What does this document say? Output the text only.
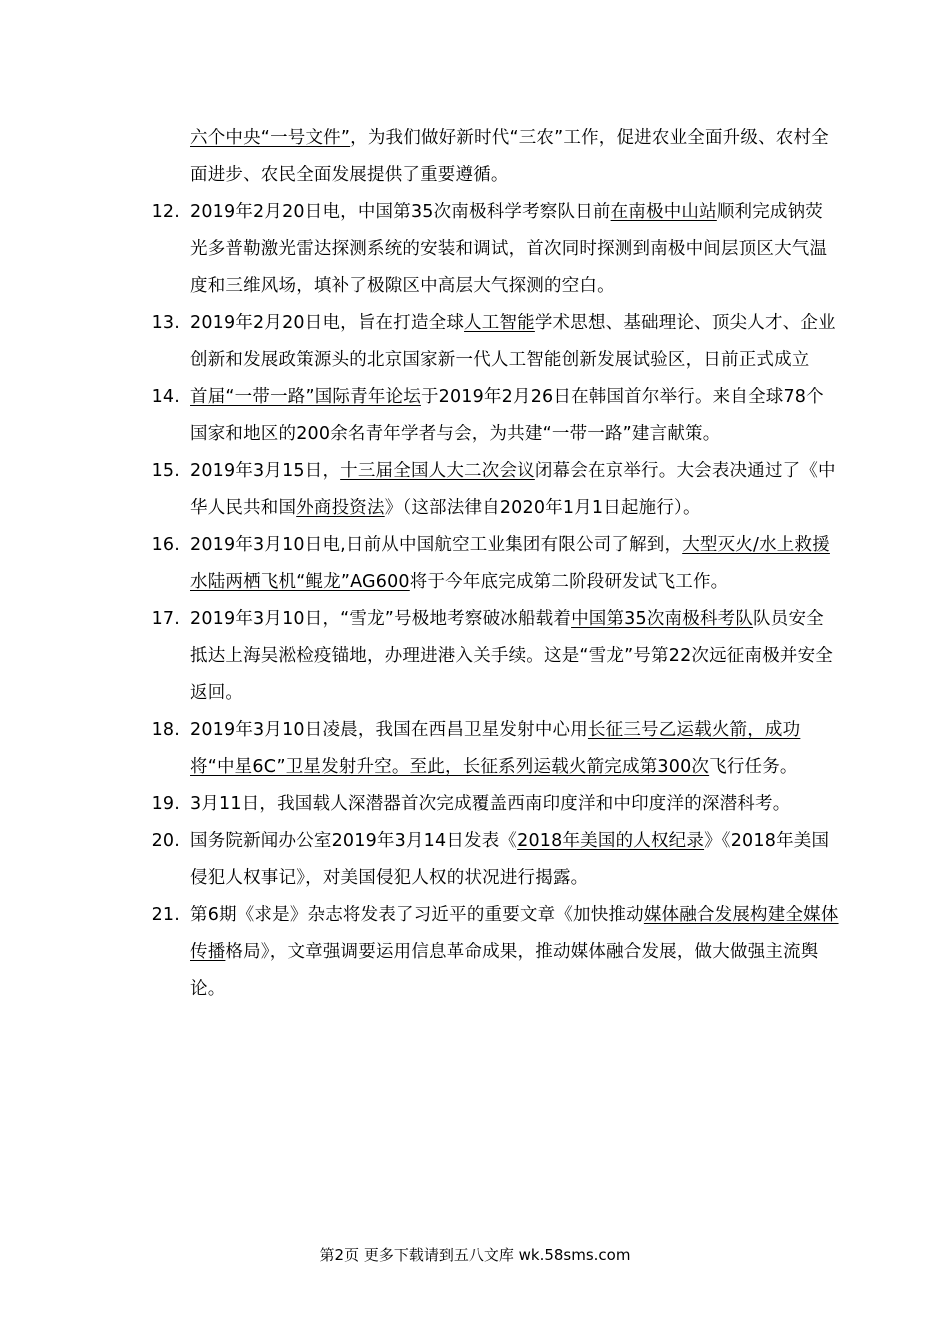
六个中央“一号文件”，为我们做好新时代“三农”工作，促进农业全面升级、农村全面进步、农民全面发展提供了重要遵循。
12. 2019年2月20日电，中国第35次南极科学考察队日前在南极中山站顺利完成钠荧光多普勒激光雷达探测系统的安装和调试，首次同时探测到南极中间层顶区大气温度和三维风场，填补了极隙区中高层大气探测的空白。
13. 2019年2月20日电，旨在打造全球人工智能学术思想、基础理论、顶尖人才、企业创新和发展政策源头的北京国家新一代人工智能创新发展试验区，日前正式成立
14. 首届“一带一路”国际青年论坛于2019年2月26日在韩国首尔举行。来自全球78个国家和地区的200余名青年学者与会，为共建“一带一路”建言献策。
15. 2019年3月15日，十三届全国人大二次会议闭幕会在京举行。大会表决通过了《中华人民共和国外商投资法》（这部法律自2020年1月1日起施行）。
16. 2019年3月10日电,日前从中国航空工业集团有限公司了解到，大型灭火/水上救援水陆两栖飞机“鲲龙”AG600将于今年底完成第二阶段研发试飞工作。
17. 2019年3月10日，“雪龙”号极地考察破冰船载着中国第35次南极科考队队员安全抵达上海吴淞检疫锚地，办理进港入关手续。这是“雪龙”号第22次远征南极并安全返回。
18. 2019年3月10日凌晨，我国在西昌卫星发射中心用长征三号乙运载火箭，成功将“中星6C”卫星发射升空。至此，长征系列运载火箭完成第300次飞行任务。
19. 3月11日，我国载人深潜器首次完成覆盖西南印度洋和中印度洋的深潜科考。
20. 国务院新闻办公室2019年3月14日发表《2018年美国的人权纪录》《2018年美国侵犯人权事记》，对美国侵犯人权的状况进行揭露。
21. 第6期《求是》杂志将发表了习近平的重要文章《加快推动媒体融合发展构建全媒体传播格局》，文章强调要运用信息革命成果，推动媒体融合发展，做大做强主流舆论。
第2页 更多下载请到五八文库 wk.58sms.com
